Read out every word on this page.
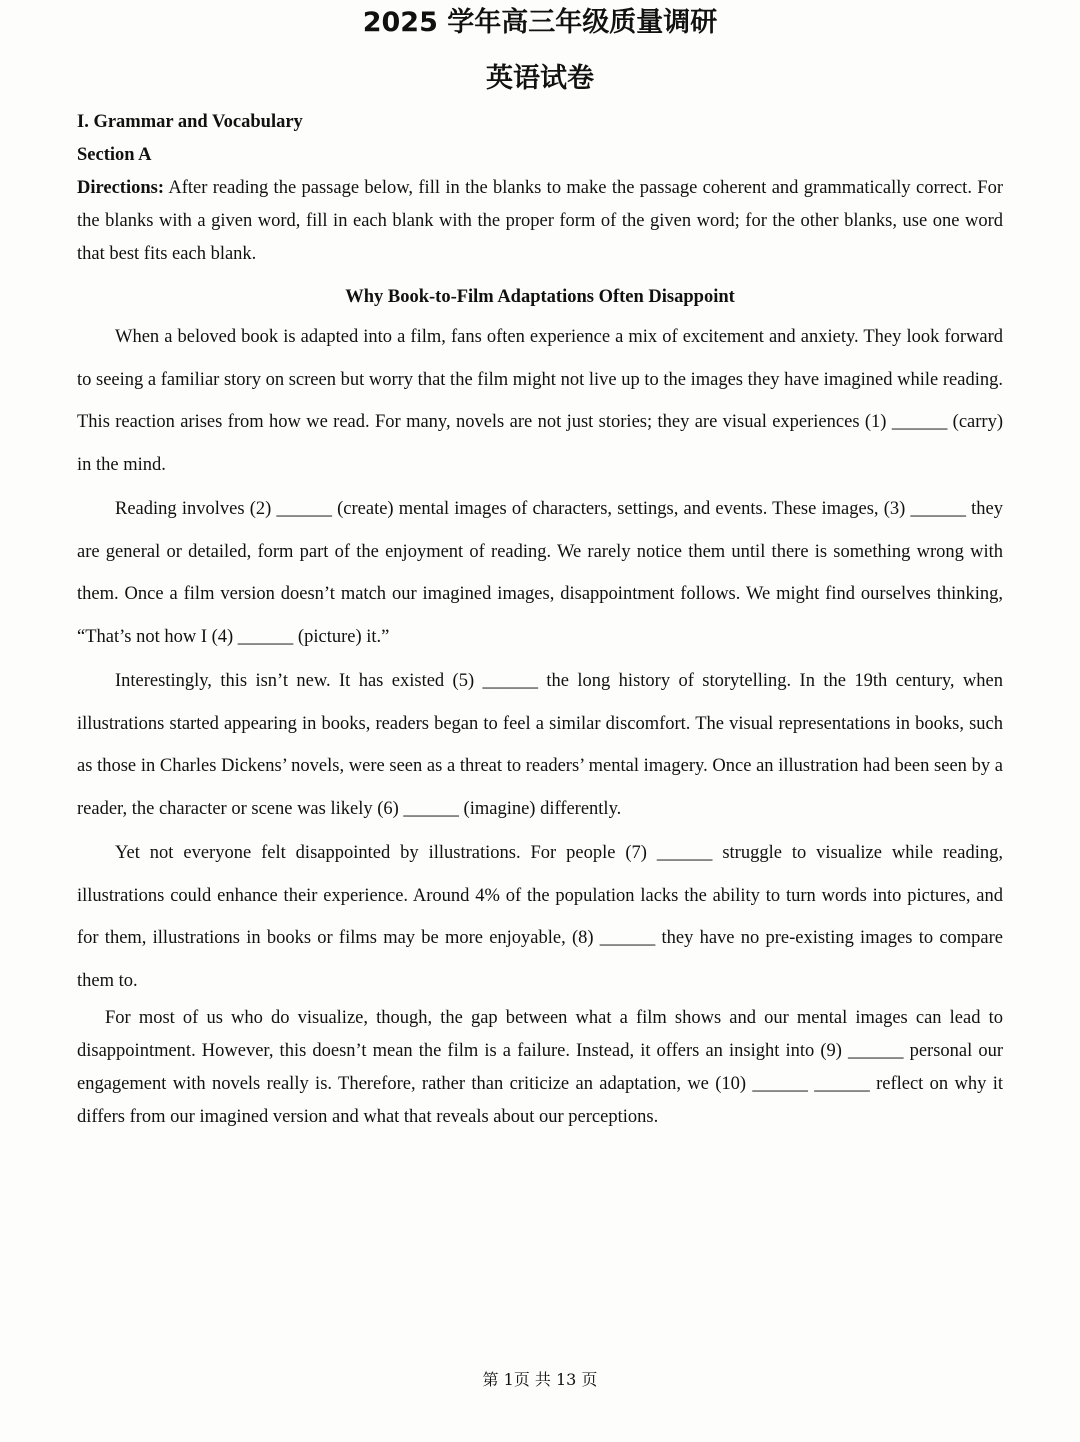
2025 学年高三年级质量调研
英语试卷

I. Grammar and Vocabulary

Section A

Directions: After reading the passage below, fill in the blanks to make the passage coherent and grammatically correct. For the blanks with a given word, fill in each blank with the proper form of the given word; for the other blanks, use one word that best fits each blank.

Why Book-to-Film Adaptations Often Disappoint

When a beloved book is adapted into a film, fans often experience a mix of excitement and anxiety. They look forward to seeing a familiar story on screen but worry that the film might not live up to the images they have imagined while reading. This reaction arises from how we read. For many, novels are not just stories; they are visual experiences (1) ______ (carry) in the mind.

Reading involves (2) ______ (create) mental images of characters, settings, and events. These images, (3) ______ they are general or detailed, form part of the enjoyment of reading. We rarely notice them until there is something wrong with them. Once a film version doesn’t match our imagined images, disappointment follows. We might find ourselves thinking, “That’s not how I (4) ______ (picture) it.”

Interestingly, this isn’t new. It has existed (5) ______ the long history of storytelling. In the 19th century, when illustrations started appearing in books, readers began to feel a similar discomfort. The visual representations in books, such as those in Charles Dickens’ novels, were seen as a threat to readers’ mental imagery. Once an illustration had been seen by a reader, the character or scene was likely (6) ______ (imagine) differently.

Yet not everyone felt disappointed by illustrations. For people (7) ______ struggle to visualize while reading, illustrations could enhance their experience. Around 4% of the population lacks the ability to turn words into pictures, and for them, illustrations in books or films may be more enjoyable, (8) ______ they have no pre-existing images to compare them to.

For most of us who do visualize, though, the gap between what a film shows and our mental images can lead to disappointment. However, this doesn’t mean the film is a failure. Instead, it offers an insight into (9) ______ personal our engagement with novels really is. Therefore, rather than criticize an adaptation, we (10) ______ ______ reflect on why it differs from our imagined version and what that reveals about our perceptions.

第 1页 共 13 页
